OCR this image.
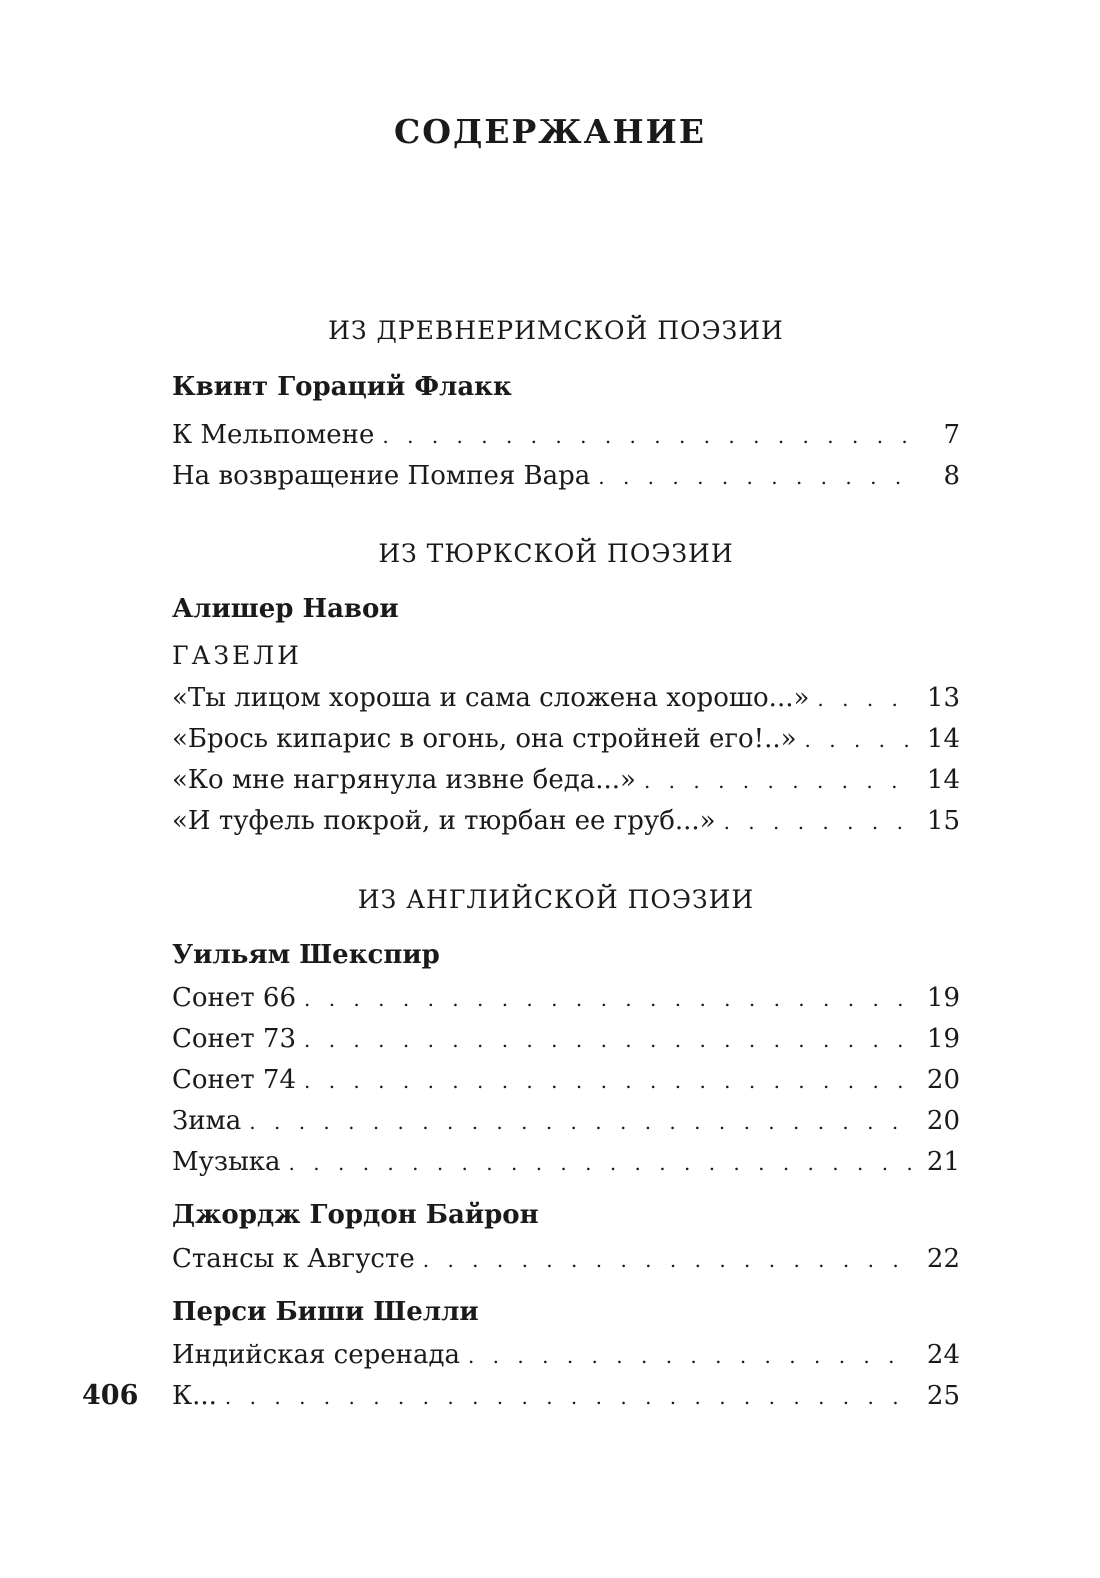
СОДЕРЖАНИЕ
ИЗ ДРЕВНЕРИМСКОЙ ПОЭЗИИ
Квинт Гораций Флакк
К Мельпомене . . .	7
На возвращение Помпея Вара . . .	8
ИЗ ТЮРКСКОЙ ПОЭЗИИ
Алишер Навои
ГАЗЕЛИ
«Ты лицом хороша и сама сложена хорошо...» . . .	13
«Брось кипарис в огонь, она стройней его!..» . . .	14
«Ко мне нагрянула извне беда...» . . .	14
«И туфель покрой, и тюрбан ее груб...» . . .	15
ИЗ АНГЛИЙСКОЙ ПОЭЗИИ
Уильям Шекспир
Сонет 66 . . .	19
Сонет 73 . . .	19
Сонет 74 . . .	20
Зима . . .	20
Музыка . . .	21
Джордж Гордон Байрон
Стансы к Августе . . .	22
Перси Биши Шелли
Индийская серенада . . .	24
К... . . .	25
406
